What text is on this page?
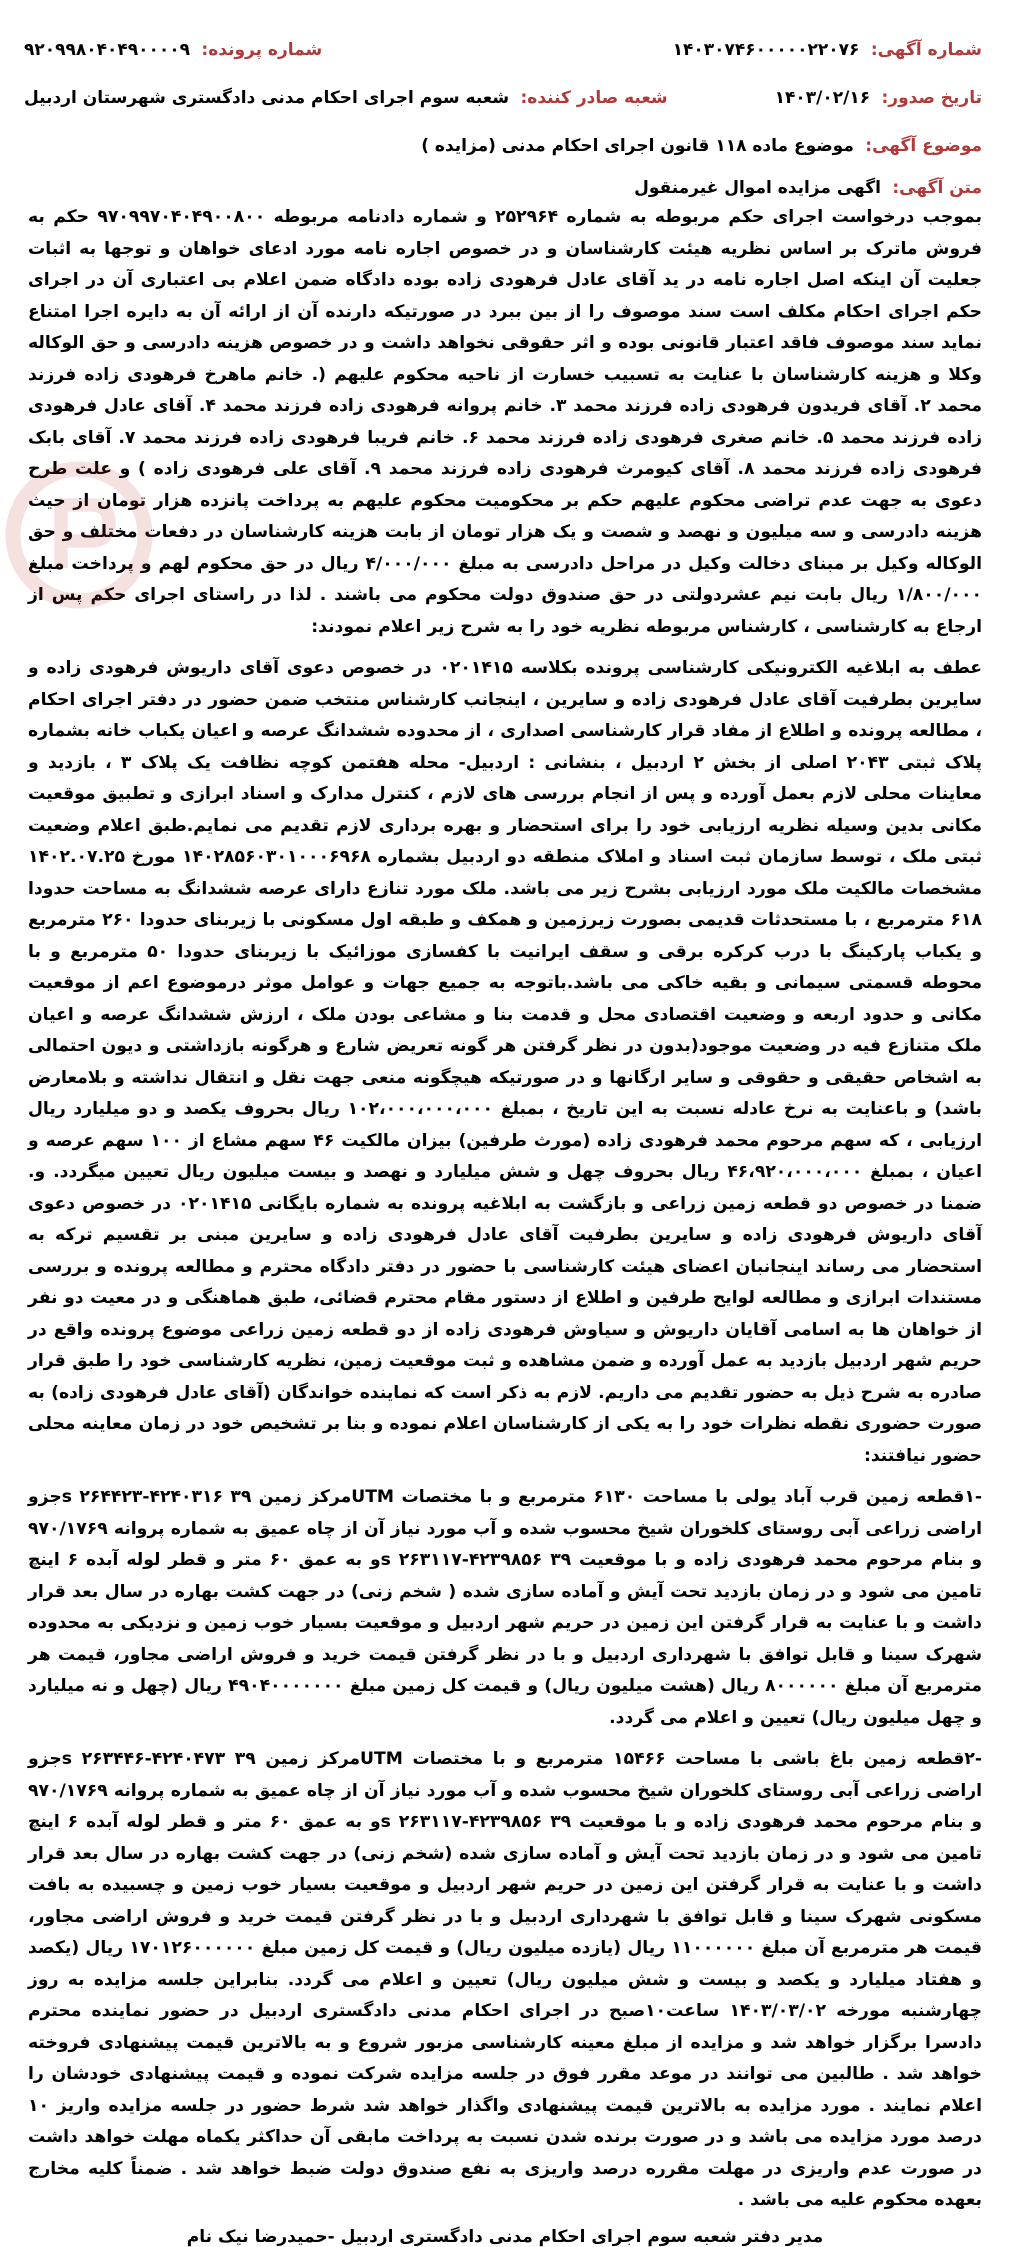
شماره آگهی: ۱۴۰۳۰۷۴۶۰۰۰۰۰۲۲۰۷۶
شماره پرونده: ۹۲۰۹۹۸۰۴۰۴۹۰۰۰۰۹
تاریخ صدور: ۱۴۰۳/۰۲/۱۶
شعبه صادر کننده: شعبه سوم اجرای احکام مدنی دادگستری شهرستان اردبیل
موضوع آگهی: موضوع ماده ۱۱۸ قانون اجرای احکام مدنی (مزایده )
متن آگهی: اگهی مزایده اموال غیرمنقول

بموجب درخواست اجرای حکم مربوطه به شماره ۲۵۲۹۶۴ و شماره دادنامه مربوطه ۹۷۰۹۹۷۰۴۰۴۹۰۰۸۰۰ حکم به فروش ماترک بر اساس نظریه هیئت کارشناسان و در خصوص اجاره نامه مورد ادعای خواهان و توجها به اثبات جعلیت آن اینکه اصل اجاره نامه در ید آقای عادل فرهودی زاده بوده دادگاه ضمن اعلام بی اعتباری آن در اجرای حکم اجرای احکام مکلف است سند موصوف را از بین ببرد در صورتیکه دارنده آن از ارائه آن به دایره اجرا امتناع نماید سند موصوف فاقد اعتبار قانونی بوده و اثر حقوقی نخواهد داشت و در خصوص هزینه دادرسی و حق الوکاله وکلا و هزینه کارشناسان با عنایت به تسبیب خسارت از ناحیه محکوم علیهم (. خانم ماهرخ فرهودی زاده فرزند محمد ۲. آقای فریدون فرهودی زاده فرزند محمد ۳. خانم پروانه فرهودی زاده فرزند محمد ۴. آقای عادل فرهودی زاده فرزند محمد ۵. خانم صغری فرهودی زاده فرزند محمد ۶. خانم فریبا فرهودی زاده فرزند محمد ۷. آقای بابک فرهودی زاده فرزند محمد ۸. آقای کیومرث فرهودی زاده فرزند محمد ۹. آقای علی فرهودی زاده ) و علت طرح دعوی به جهت عدم تراضی محکوم علیهم حکم بر محکومیت محکوم علیهم به پرداخت پانزده هزار تومان از حیث هزینه دادرسی و سه میلیون و نهصد و شصت و یک هزار تومان از بابت هزینه کارشناسان در دفعات مختلف و حق الوکاله وکیل بر مبنای دخالت وکیل در مراحل دادرسی به مبلغ ۴/۰۰۰/۰۰۰ ریال در حق محکوم لهم و پرداخت مبلغ ۱/۸۰۰/۰۰۰ ریال بابت نیم عشردولتی در حق صندوق دولت محکوم می باشند . لذا در راستای اجرای حکم پس از ارجاع به کارشناسی ، کارشناس مربوطه نظریه خود را به شرح زیر اعلام نمودند:

عطف به ابلاغیه الکترونیکی کارشناسی پرونده بکلاسه ۰۲۰۱۴۱۵ در خصوص دعوی آقای داریوش فرهودی زاده و سایرین بطرفیت آقای عادل فرهودی زاده و سایرین ، اینجانب کارشناس منتخب ضمن حضور در دفتر اجرای احکام ، مطالعه پرونده و اطلاع از مفاد قرار کارشناسی اصداری ، از محدوده ششدانگ عرصه و اعیان یکباب خانه بشماره پلاک ثبتی ۲۰۴۳ اصلی از بخش ۲ اردبیل ، بنشانی : اردبیل- محله هفتمن کوچه نظافت یک پلاک ۳ ، بازدید و معاینات محلی لازم بعمل آورده و پس از انجام بررسی های لازم ، کنترل مدارک و اسناد ابرازی و تطبیق موقعیت مکانی بدین وسیله نظریه ارزیابی خود را برای استحضار و بهره برداری لازم تقدیم می نمایم.طبق اعلام وضعیت ثبتی ملک ، توسط سازمان ثبت اسناد و املاک منطقه دو اردبیل بشماره ۱۴۰۲۸۵۶۰۳۰۱۰۰۰۶۹۶۸ مورخ ۱۴۰۲.۰۷.۲۵ مشخصات مالکیت ملک مورد ارزیابی بشرح زیر می باشد. ملک مورد تنازع دارای عرصه ششدانگ به مساحت حدودا ۶۱۸ مترمربع ، با مستحدثات قدیمی بصورت زیرزمین و همکف و طبقه اول مسکونی با زیربنای حدودا ۲۶۰ مترمربع و یکباب پارکینگ با درب کرکره برقی و سقف ایرانیت با کفسازی موزائیک با زیربنای حدودا ۵۰ مترمربع و با محوطه قسمتی سیمانی و بقیه خاکی می باشد.باتوجه به جمیع جهات و عوامل موثر درموضوع اعم از موقعیت مکانی و حدود اربعه و وضعیت اقتصادی محل و قدمت بنا و مشاعی بودن ملک ، ارزش ششدانگ عرصه و اعیان ملک متنازع فیه در وضعیت موجود(بدون در نظر گرفتن هر گونه تعریض شارع و هرگونه بازداشتی و دیون احتمالی به اشخاص حقیقی و حقوقی و سایر ارگانها و در صورتیکه هیچگونه منعی جهت نقل و انتقال نداشته و بلامعارض باشد) و باعنایت به نرخ عادله نسبت به این تاریخ ، بمبلغ ۱۰۲،۰۰۰،۰۰۰،۰۰۰ ریال بحروف یکصد و دو میلیارد ریال ارزیابی ، که سهم مرحوم محمد فرهودی زاده (مورث طرفین) بیزان مالکیت ۴۶ سهم مشاع از ۱۰۰ سهم عرصه و اعیان ، بمبلغ ۴۶،۹۲۰،۰۰۰،۰۰۰ ریال بحروف چهل و شش میلیارد و نهصد و بیست میلیون ریال تعیین میگردد. و. ضمنا در خصوص دو قطعه زمین زراعی و بازگشت به ابلاغیه پرونده به شماره بایگانی ۰۲۰۱۴۱۵ در خصوص دعوی آقای داریوش فرهودی زاده و سایرین بطرفیت آقای عادل فرهودی زاده و سایرین مبنی بر تقسیم ترکه به استحضار می رساند اینجانبان اعضای هیئت کارشناسی با حضور در دفتر دادگاه محترم و مطالعه پرونده و بررسی مستندات ابرازی و مطالعه لوایح طرفین و اطلاع از دستور مقام محترم قضائی، طبق هماهنگی و در معیت دو نفر از خواهان ها به اسامی آقایان داریوش و سیاوش فرهودی زاده از دو قطعه زمین زراعی موضوع پرونده واقع در حریم شهر اردبیل بازدید به عمل آورده و ضمن مشاهده و ثبت موقعیت زمین، نظریه کارشناسی خود را طبق قرار صادره به شرح ذیل به حضور تقدیم می داریم. لازم به ذکر است که نماینده خواندگان (آقای عادل فرهودی زاده) به صورت حضوری نقطه نظرات خود را به یکی از کارشناسان اعلام نموده و بنا بر تشخیص خود در زمان معاینه محلی حضور نیافتند:

-۱قطعه زمین قرب آباد یولی با مساحت ۶۱۳۰ مترمربع و با مختصات UTMمرکز زمین ۳۹ ۴۲۴۰۳۱۶-۲۶۴۴۲۳ sجزو اراضی زراعی آبی روستای کلخوران شیخ محسوب شده و آب مورد نیاز آن از چاه عمیق به شماره پروانه ۹۷۰/۱۷۶۹ و بنام مرحوم محمد فرهودی زاده و با موقعیت ۳۹ ۴۲۳۹۸۵۶-۲۶۳۱۱۷ sو به عمق ۶۰ متر و قطر لوله آبده ۶ اینچ تامین می شود و در زمان بازدید تحت آیش و آماده سازی شده ( شخم زنی) در جهت کشت بهاره در سال بعد قرار داشت و با عنایت به قرار گرفتن این زمین در حریم شهر اردبیل و موقعیت بسیار خوب زمین و نزدیکی به محدوده شهرک سینا و قابل توافق با شهرداری اردبیل و با در نظر گرفتن قیمت خرید و فروش اراضی مجاور، قیمت هر مترمربع آن مبلغ ۸۰۰۰۰۰۰ ریال (هشت میلیون ریال) و قیمت کل زمین مبلغ ۴۹۰۴۰۰۰۰۰۰۰ ریال (چهل و نه میلیارد و چهل میلیون ریال) تعیین و اعلام می گردد.

-۲قطعه زمین باغ باشی با مساحت ۱۵۴۶۶ مترمربع و با مختصات UTMمرکز زمین ۳۹ ۴۲۴۰۴۷۳-۲۶۳۴۴۶ sجزو اراضی زراعی آبی روستای کلخوران شیخ محسوب شده و آب مورد نیاز آن از چاه عمیق به شماره پروانه ۹۷۰/۱۷۶۹ و بنام مرحوم محمد فرهودی زاده و با موقعیت ۳۹ ۴۲۳۹۸۵۶-۲۶۳۱۱۷ sو به عمق ۶۰ متر و قطر لوله آبده ۶ اینچ تامین می شود و در زمان بازدید تحت آیش و آماده سازی شده (شخم زنی) در جهت کشت بهاره در سال بعد قرار داشت و با عنایت به قرار گرفتن این زمین در حریم شهر اردبیل و موقعیت بسیار خوب زمین و چسبیده به بافت مسکونی شهرک سینا و قابل توافق با شهرداری اردبیل و با در نظر گرفتن قیمت خرید و فروش اراضی مجاور، قیمت هر مترمربع آن مبلغ ۱۱۰۰۰۰۰۰ ریال (یازده میلیون ریال) و قیمت کل زمین مبلغ ۱۷۰۱۲۶۰۰۰۰۰۰ ریال (یکصد و هفتاد میلیارد و یکصد و بیست و شش میلیون ریال) تعیین و اعلام می گردد. بنابراین جلسه مزایده به روز چهارشنبه مورخه ۱۴۰۳/۰۳/۰۲ ساعت۱۰صبح در اجرای احکام مدنی دادگستری اردبیل در حضور نماینده محترم دادسرا برگزار خواهد شد و مزایده از مبلغ معینه کارشناسی مزبور شروع و به بالاترین قیمت پیشنهادی فروخته خواهد شد . طالبین می توانند در موعد مقرر فوق در جلسه مزایده شرکت نموده و قیمت پیشنهادی خودشان را اعلام نمایند . مورد مزایده به بالاترین قیمت پیشنهادی واگذار خواهد شد شرط حضور در جلسه مزایده واریز ۱۰ درصد مورد مزایده می باشد و در صورت برنده شدن نسبت به پرداخت مابقی آن حداکثر یکماه مهلت خواهد داشت در صورت عدم واریزی در مهلت مقرره درصد واریزی به نفع صندوق دولت ضبط خواهد شد . ضمناً کلیه مخارج بعهده محکوم علیه می باشد .

مدیر دفتر شعبه سوم اجرای احکام مدنی دادگستری اردبیل -حمیدرضا نیک نام
